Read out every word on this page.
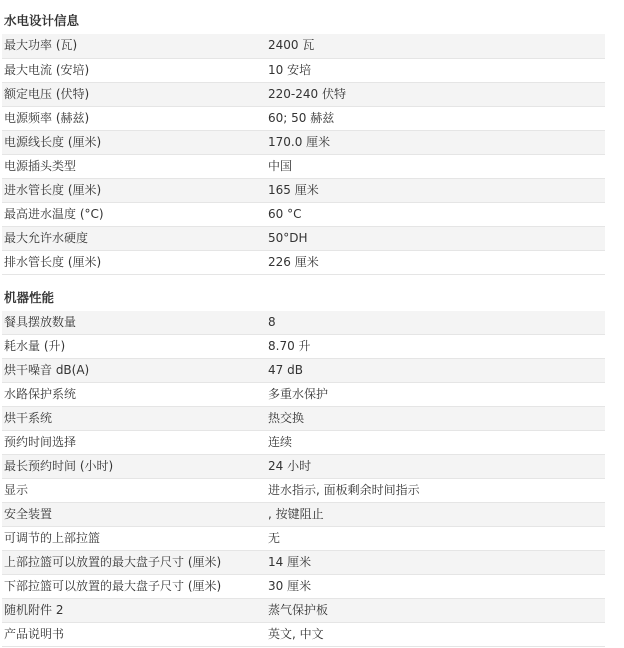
水电设计信息
最大功率 (瓦)	2400 瓦
最大电流 (安培)	10 安培
额定电压 (伏特)	220-240 伏特
电源频率 (赫兹)	60; 50 赫兹
电源线长度 (厘米)	170.0 厘米
电源插头类型	中国
进水管长度 (厘米)	165 厘米
最高进水温度 (°C)	60 °C
最大允许水硬度	50°DH
排水管长度 (厘米)	226 厘米
机器性能
餐具摆放数量	8
耗水量 (升)	8.70 升
烘干噪音 dB(A)	47 dB
水路保护系统	多重水保护
烘干系统	热交换
预约时间选择	连续
最长预约时间 (小时)	24 小时
显示	进水指示, 面板剩余时间指示
安全装置	, 按键阻止
可调节的上部拉篮	无
上部拉篮可以放置的最大盘子尺寸 (厘米)	14 厘米
下部拉篮可以放置的最大盘子尺寸 (厘米)	30 厘米
随机附件 2	蒸气保护板
产品说明书	英文, 中文
